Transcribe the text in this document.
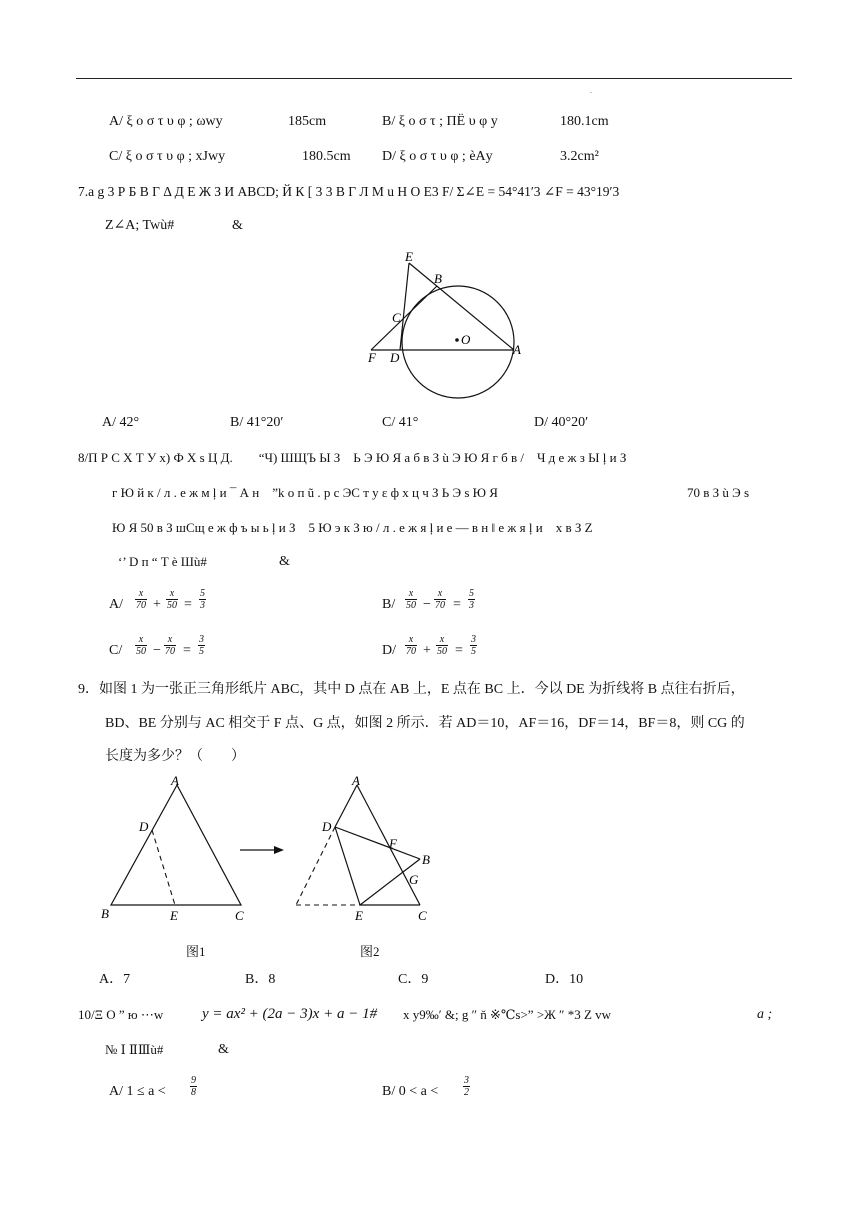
.
A/ ξ ο σ τ υ φ ; ωwy	185cm	B/ ξ ο σ τ ; ΠЁ υ φ y	180.1cm
C/ ξ ο σ τ υ φ ; xJwy	180.5cm D/ ξ ο σ τ υ φ ; èΑy	3.2cm²
7.a g 3 Р Б В Г Δ Д Е Ж З И ABCD; Й К [ 3 3 В Г Л М u Н О E3 F/ Σ∠E = 54°41′3 ∠F = 43°19′3
Z∠A; Twù#	&
E
B
C
O
F D
A
A/ 42°	B/ 41°20′	C/ 41°	D/ 40°20′
8/П Р С Х Т У x) Ф Х s Ц Д.　　“Ч) ШЩЪ Ы З　Ь Э Ю Я а б в З ù Э Ю Я г б в /　Ч д е ж з Ы ļ и З
г Ю й к / л . е ж м ļ и ¯ А н　”k о п ũ . р с ЭС т у ε ф х ц ч З Ь Э s Ю Я	70 в З ù Э s
Ю Я 50 в З шСщ е ж ф ъ ы ь ļ и З　5 Ю э к З ю / л . е ж я ļ и е — в н ‖ е ж я ļ и　x в З Z
‘’ D п “ T è Шù#	&
$A/ \frac{x}{70} + \frac{x}{50} = \frac{5}{3}$	$B/ \frac{x}{50} - \frac{x}{70} = \frac{5}{3}$
$C/ \frac{x}{50} - \frac{x}{70} = \frac{3}{5}$	$D/ \frac{x}{70} + \frac{x}{50} = \frac{3}{5}$
9．如图 1 为一张正三角形纸片 ABC，其中 D 点在 AB 上，E 点在 BC 上．今以 DE 为折线将 B 点往右折后，
BD、BE 分别与 AC 相交于 F 点、G 点，如图 2 所示．若 AD＝10，AF＝16，DF＝14，BF＝8，则 CG 的
长度为多少？（　　）
A
D
B	E	C
A
D
F
B
G
E	C
图1	图2
A．7	B．8	C．9	D．10
10/Ξ О ” ю ⋯w	y = ax² + (2a − 3)x + a − 1# x y9‰′ &; g ″ ň ※℃s>” >Ж ″ *3 Z vw	a ;
№ Ⅰ ⅡⅢù#	&
A/ $1 \le a < \frac{9}{8}$	B/ $0 < a < \frac{3}{2}$
